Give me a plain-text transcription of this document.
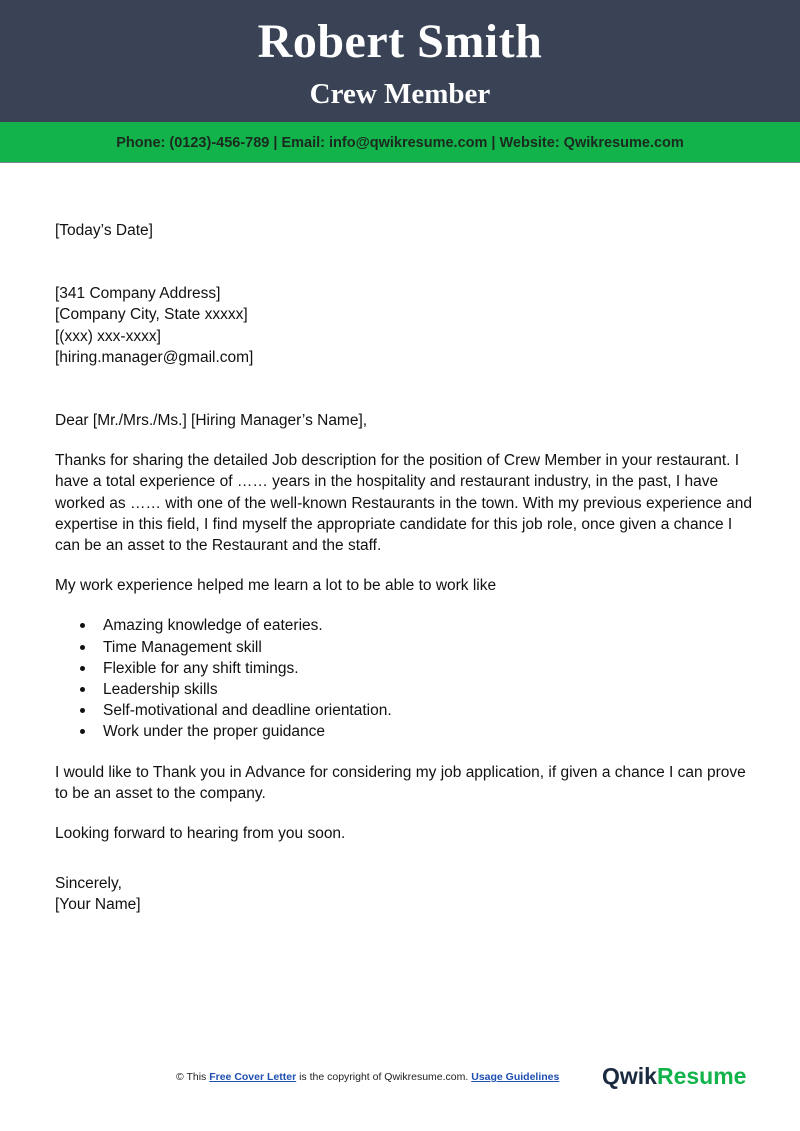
Robert Smith
Crew Member
Phone: (0123)-456-789 | Email: info@qwikresume.com | Website: Qwikresume.com

[Today’s Date]

[341 Company Address]

[Company City, State xxxxx]

[(xxx) xxx-xxxx]

[hiring.manager@gmail.com]

Dear [Mr./Mrs./Ms.] [Hiring Manager’s Name],

Thanks for sharing the detailed Job description for the position of Crew Member in your restaurant. I have a total experience of …… years in the hospitality and restaurant industry, in the past, I have worked as …… with one of the well-known Restaurants in the town. With my previous experience and expertise in this field, I find myself the appropriate candidate for this job role, once given a chance I can be an asset to the Restaurant and the staff.

My work experience helped me learn a lot to be able to work like

Amazing knowledge of eateries.
Time Management skill
Flexible for any shift timings.
Leadership skills
Self-motivational and deadline orientation.
Work under the proper guidance

I would like to Thank you in Advance for considering my job application, if given a chance I can prove to be an asset to the company.

Looking forward to hearing from you soon.

Sincerely,

[Your Name]

© This Free Cover Letter is the copyright of Qwikresume.com. Usage Guidelines QwikResume
